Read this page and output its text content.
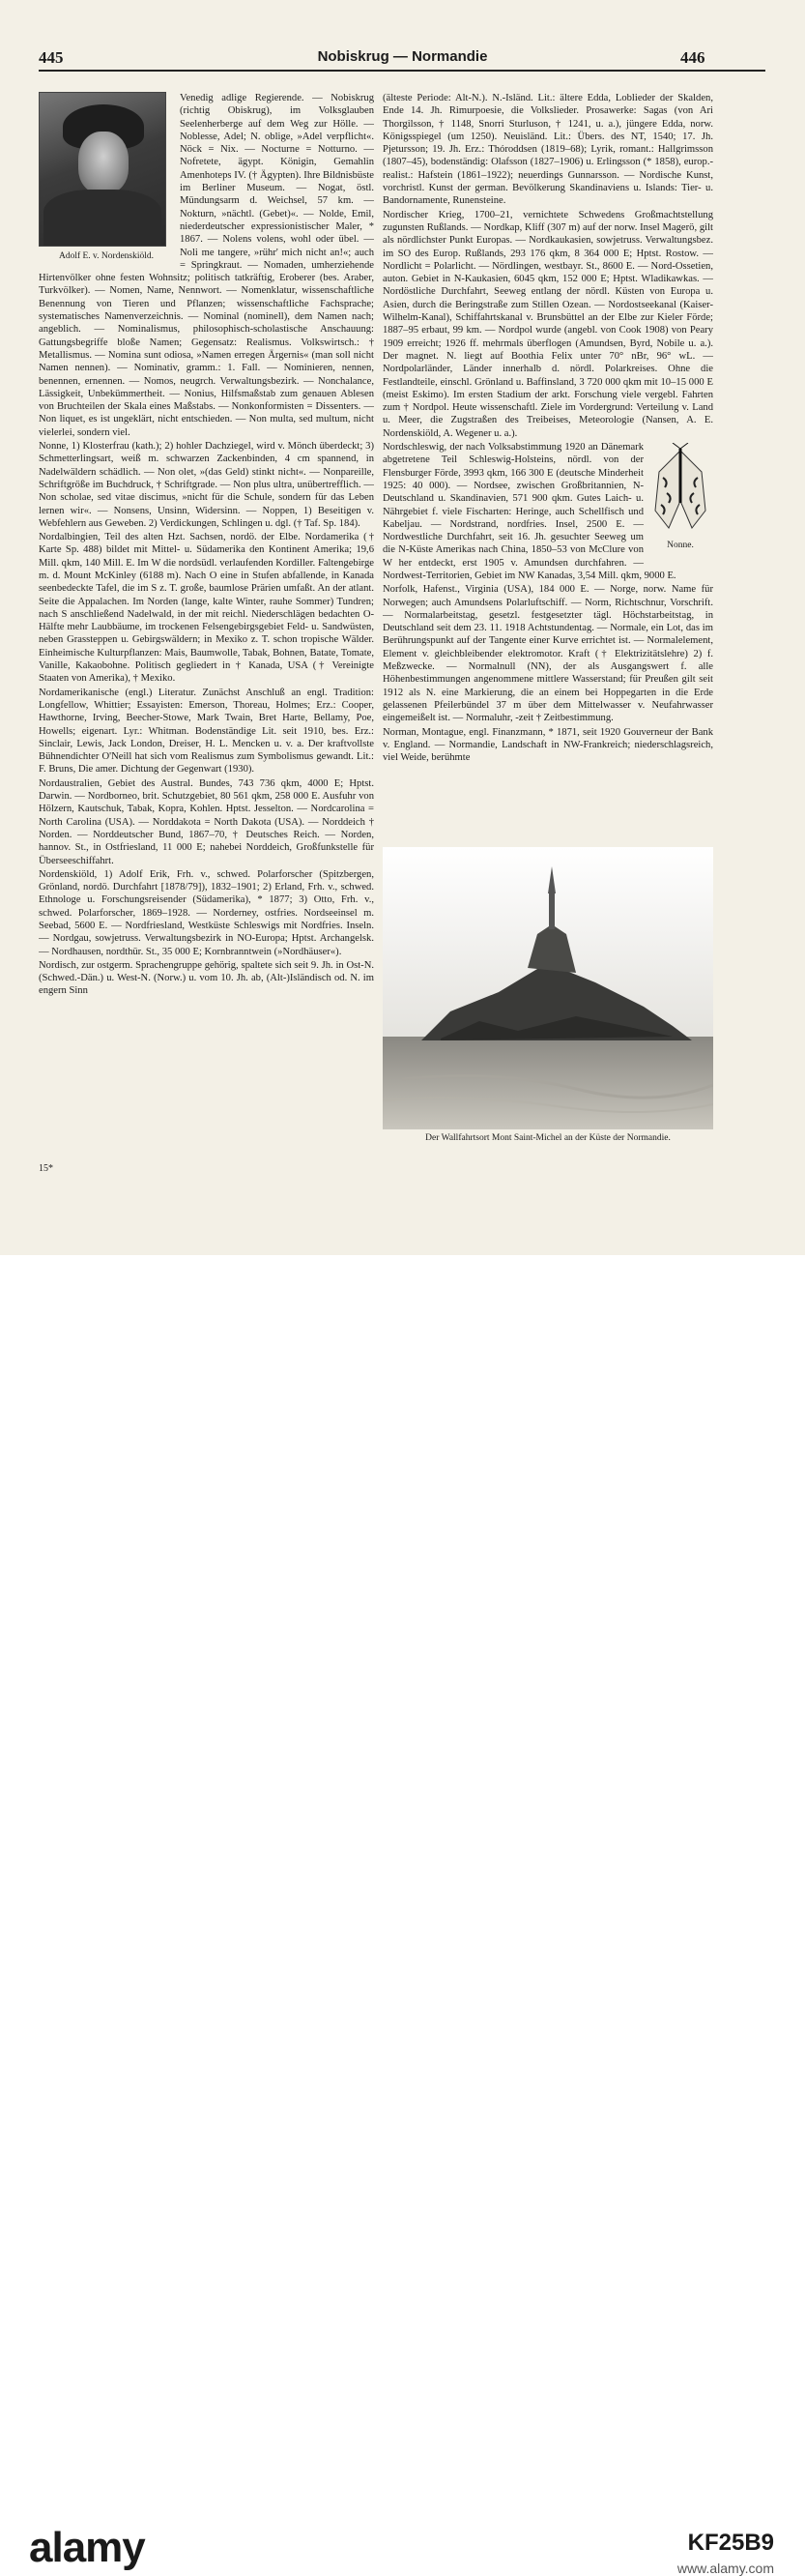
445	Nobiskrug — Normandie	446
Adolf E. v. Nordenskiöld.

Venedig adlige Regierende. — Nobiskrug (richtig Obiskrug), im Volksglauben Seelenherberge auf dem Weg zur Hölle. — Noblesse, Adel; N. oblige, »Adel verpflicht«. Nöck = Nix. — Nocturne = Notturno. — Nofretete, ägypt. Königin, Gemahlin Amenhoteps IV. († Ägypten). Ihre Bildnisbüste im Berliner Museum. — Nogat, östl. Mündungsarm d. Weichsel, 57 km. — Nokturn, »nächtl. (Gebet)«. — Nolde, Emil, niederdeutscher expressionistischer Maler, * 1867. — Nolens volens, wohl oder übel. — Noli me tangere, »rühr' mich nicht an!«; auch = Springkraut. — Nomaden, umherziehende Hirtenvölker ohne festen Wohnsitz; politisch tatkräftig, Eroberer (bes. Araber, Turkvölker). — Nomen, Name, Nennwort. — Nomenklatur, wissenschaftliche Benennung von Tieren und Pflanzen; wissenschaftliche Fachsprache; systematisches Namenverzeichnis. — Nominal (nominell), dem Namen nach; angeblich. — Nominalismus, philosophisch-scholastische Anschauung: Gattungsbegriffe bloße Namen; Gegensatz: Realismus. Volkswirtsch.: † Metallismus. — Nomina sunt odiosa, »Namen erregen Ärgernis« (man soll nicht Namen nennen). — Nominativ, gramm.: 1. Fall. — Nominieren, nennen, benennen, ernennen. — Nomos, neugrch. Verwaltungsbezirk. — Nonchalance, Lässigkeit, Unbekümmertheit. — Nonius, Hilfsmaßstab zum genauen Ablesen von Bruchteilen der Skala eines Maßstabs. — Nonkonformisten = Dissenters. — Non liquet, es ist ungeklärt, nicht entschieden. — Non multa, sed multum, nicht vielerlei, sondern viel.

Nonne, 1) Klosterfrau (kath.); 2) hohler Dachziegel, wird v. Mönch überdeckt; 3) Schmetterlingsart, weiß m. schwarzen Zackenbinden, 4 cm spannend, in Nadelwäldern schädlich. — Non olet, »(das Geld) stinkt nicht«. — Nonpareille, Schriftgröße im Buchdruck, † Schriftgrade. — Non plus ultra, unübertrefflich. — Non scholae, sed vitae discimus, »nicht für die Schule, sondern für das Leben lernen wir«. — Nonsens, Unsinn, Widersinn. — Noppen, 1) Beseitigen v. Webfehlern aus Geweben. 2) Verdickungen, Schlingen u. dgl. († Taf. Sp. 184).

Nordalbingien, Teil des alten Hzt. Sachsen, nordö. der Elbe. Nordamerika († Karte Sp. 488) bildet mit Mittel- u. Südamerika den Kontinent Amerika; 19,6 Mill. qkm, 140 Mill. E. Im W die nordsüdl. verlaufenden Kordiller. Faltengebirge m. d. Mount McKinley (6188 m). Nach O eine in Stufen abfallende, in Kanada seenbedeckte Tafel, die im S z. T. große, baumlose Prärien umfaßt. An der atlant. Seite die Appalachen. Im Norden (lange, kalte Winter, rauhe Sommer) Tundren; nach S anschließend Nadelwald, in der mit reichl. Niederschlägen bedachten O-Hälfte mehr Laubbäume, im trockenen Felsengebirgsgebiet Feld- u. Sandwüsten, neben Grassteppen u. Gebirgswäldern; in Mexiko z. T. schon tropische Wälder. Einheimische Kulturpflanzen: Mais, Baumwolle, Tabak, Bohnen, Batate, Tomate, Vanille, Kakaobohne. Politisch gegliedert in † Kanada, USA († Vereinigte Staaten von Amerika), † Mexiko.

Nordamerikanische (engl.) Literatur. Zunächst Anschluß an engl. Tradition: Longfellow, Whittier; Essayisten: Emerson, Thoreau, Holmes; Erz.: Cooper, Hawthorne, Irving, Beecher-Stowe, Mark Twain, Bret Harte, Bellamy, Poe, Howells; eigenart. Lyr.: Whitman. Bodenständige Lit. seit 1910, bes. Erz.: Sinclair, Lewis, Jack London, Dreiser, H. L. Mencken u. v. a. Der kraftvollste Bühnendichter O'Neill hat sich vom Realismus zum Symbolismus gewandt. Lit.: F. Bruns, Die amer. Dichtung der Gegenwart (1930).

Nordaustralien, Gebiet des Austral. Bundes, 743 736 qkm, 4000 E; Hptst. Darwin. — Nordborneo, brit. Schutzgebiet, 80 561 qkm, 258 000 E. Ausfuhr von Hölzern, Kautschuk, Tabak, Kopra, Kohlen. Hptst. Jesselton. — Nordcarolina = North Carolina (USA). — Norddakota = North Dakota (USA). — Norddeich † Norden. — Norddeutscher Bund, 1867–70, † Deutsches Reich. — Norden, hannov. St., in Ostfriesland, 11 000 E; nahebei Norddeich, Großfunkstelle für Überseeschiffahrt.

Nordenskiöld, 1) Adolf Erik, Frh. v., schwed. Polarforscher (Spitzbergen, Grönland, nordö. Durchfahrt [1878/79]), 1832–1901; 2) Erland, Frh. v., schwed. Ethnologe u. Forschungsreisender (Südamerika), * 1877; 3) Otto, Frh. v., schwed. Polarforscher, 1869–1928. — Norderney, ostfries. Nordseeinsel m. Seebad, 5600 E. — Nordfriesland, Westküste Schleswigs mit Nordfries. Inseln. — Nordgau, sowjetruss. Verwaltungsbezirk in NO-Europa; Hptst. Archangelsk. — Nordhausen, nordthür. St., 35 000 E; Kornbranntwein (»Nordhäuser«).

Nordisch, zur ostgerm. Sprachengruppe gehörig, spaltete sich seit 9. Jh. in Ost-N. (Schwed.-Dän.) u. West-N. (Norw.) u. vom 10. Jh. ab, (Alt-)Isländisch od. N. im engern Sinn

(älteste Periode: Alt-N.). N.-Isländ. Lit.: ältere Edda, Loblieder der Skalden, Ende 14. Jh. Rimurpoesie, die Volkslieder. Prosawerke: Sagas (von Ari Thorgilsson, † 1148, Snorri Sturluson, † 1241, u. a.), jüngere Edda, norw. Königsspiegel (um 1250). Neuisländ. Lit.: Übers. des NT, 1540; 17. Jh. Pjetursson; 19. Jh. Erz.: Thóroddsen (1819–68); Lyrik, romant.: Hallgrimsson (1807–45), bodenständig: Olafsson (1827–1906) u. Erlingsson (* 1858), europ.-realist.: Hafstein (1861–1922); neuerdings Gunnarsson. — Nordische Kunst, vorchristl. Kunst der german. Bevölkerung Skandinaviens u. Islands: Tier- u. Bandornamente, Runensteine.

Nordischer Krieg, 1700–21, vernichtete Schwedens Großmachtstellung zugunsten Rußlands. — Nordkap, Kliff (307 m) auf der norw. Insel Magerö, gilt als nördlichster Punkt Europas. — Nordkaukasien, sowjetruss. Verwaltungsbez. im SO des Europ. Rußlands, 293 176 qkm, 8 364 000 E; Hptst. Rostow. — Nordlicht = Polarlicht. — Nördlingen, westbayr. St., 8600 E. — Nord-Ossetien, auton. Gebiet in N-Kaukasien, 6045 qkm, 152 000 E; Hptst. Wladikawkas. — Nordöstliche Durchfahrt, Seeweg entlang der nördl. Küsten von Europa u. Asien, durch die Beringstraße zum Stillen Ozean. — Nordostseekanal (Kaiser-Wilhelm-Kanal), Schiffahrtskanal v. Brunsbüttel an der Elbe zur Kieler Förde; 1887–95 erbaut, 99 km. — Nordpol wurde (angebl. von Cook 1908) von Peary 1909 erreicht; 1926 ff. mehrmals überflogen (Amundsen, Byrd, Nobile u. a.). Der magnet. N. liegt auf Boothia Felix unter 70° nBr, 96° wL. — Nordpolarländer, Länder innerhalb d. nördl. Polarkreises. Ohne die Festlandteile, einschl. Grönland u. Baffinsland, 3 720 000 qkm mit 10–15 000 E (meist Eskimo). Im ersten Stadium der arkt. Forschung viele vergebl. Fahrten zum † Nordpol. Heute wissenschaftl. Ziele im Vordergrund: Verteilung v. Land u. Meer, die Zugstraßen des Treibeises, Meteorologie (Nansen, A. E. Nordenskiöld, A. Wegener u. a.).

Nonne.

Nordschleswig, der nach Volksabstimmung 1920 an Dänemark abgetretene Teil Schleswig-Holsteins, nördl. von der Flensburger Förde, 3993 qkm, 166 300 E (deutsche Minderheit 1925: 40 000). — Nordsee, zwischen Großbritannien, N-Deutschland u. Skandinavien, 571 900 qkm. Gutes Laich- u. Nährgebiet f. viele Fischarten: Heringe, auch Schellfisch und Kabeljau. — Nordstrand, nordfries. Insel, 2500 E. — Nordwestliche Durchfahrt, seit 16. Jh. gesuchter Seeweg um die N-Küste Amerikas nach China, 1850–53 von McClure von W her entdeckt, erst 1905 v. Amundsen durchfahren. — Nordwest-Territorien, Gebiet im NW Kanadas, 3,54 Mill. qkm, 9000 E.

Norfolk, Hafenst., Virginia (USA), 184 000 E. — Norge, norw. Name für Norwegen; auch Amundsens Polarluftschiff. — Norm, Richtschnur, Vorschrift. — Normalarbeitstag, gesetzl. festgesetzter tägl. Höchstarbeitstag, in Deutschland seit dem 23. 11. 1918 Achtstundentag. — Normale, ein Lot, das im Berührungspunkt auf der Tangente einer Kurve errichtet ist. — Normalelement, Element v. gleichbleibender elektromotor. Kraft († Elektrizitätslehre) 2) f. Meßzwecke. — Normalnull (NN), der als Ausgangswert f. alle Höhenbestimmungen angenommene mittlere Wasserstand; für Preußen gilt seit 1912 als N. eine Markierung, die an einem bei Hoppegarten in die Erde gelassenen Pfeilerbündel 37 m über dem Mittelwasser v. Neufahrwasser eingemeißelt ist. — Normaluhr, -zeit † Zeitbestimmung.

Norman, Montague, engl. Finanzmann, * 1871, seit 1920 Gouverneur der Bank v. England. — Normandie, Landschaft in NW-Frankreich; niederschlagsreich, viel Weide, berühmte

Der Wallfahrtsort Mont Saint-Michel an der Küste der Normandie.
15*
alamy	KF25B9
www.alamy.com
